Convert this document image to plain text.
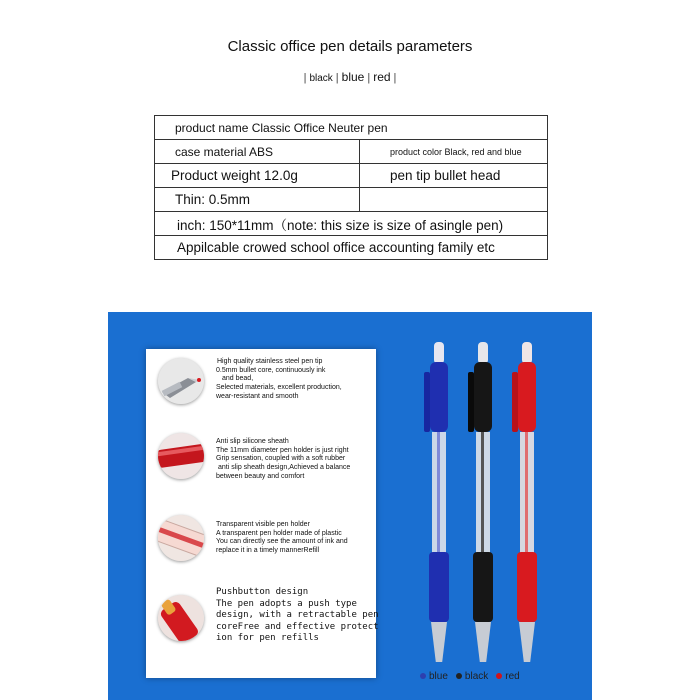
Classic office pen details parameters
| black | blue | red |
product name Classic Office Neuter pen	
case material ABS	product color Black, red and blue
Product weight 12.0g	pen tip bullet head
Thin: 0.5mm	
inch: 150*11mm（note: this size is size of asingle pen)	
Appilcable crowed school office accounting family etc	
High quality stainless steel pen tip
0.5mm bullet core, continuously ink
and bead,
Selected materials, excellent production,
wear-resistant and smooth
Anti slip silicone sheath
The 11mm diameter pen holder is just right
Grip sensation, coupled with a soft rubber
anti slip sheath design,Achieved a balance
between beauty and comfort
Transparent visible pen holder
A transparent pen holder made of plastic
You can directly see the amount of ink and
replace it in a timely mannerRefill
Pushbutton design
The pen adopts a push type
design, with a retractable pen
coreFree and effective protect
ion for pen refills
blue	black	red
